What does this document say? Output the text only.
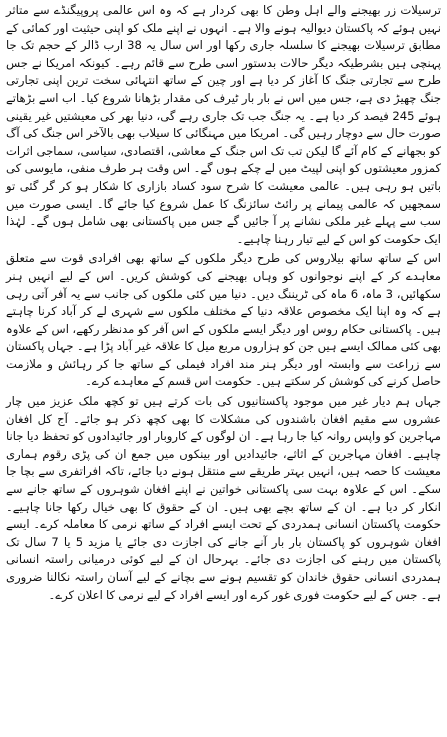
ترسیلات زر بھیجنے والے اہل وطن کا بھی کردار ہے کہ وہ اس عالمی پروپیگنڈے سے متاثر نہیں ہوئے کہ پاکستان دیوالیہ ہونے والا ہے۔ انہوں نے اپنے ملک کو اپنی حیثیت اور کمائی کے مطابق ترسیلات بھیجنے کا سلسلہ جاری رکھا اور اس سال یہ 38 ارب ڈالر کے حجم تک جا پہنچی ہیں بشرطیکہ دیگر حالات بدستور اسی طرح سے قائم رہے۔ کیونکہ امریکا نے جس طرح سے تجارتی جنگ کا آغاز کر دیا ہے اور چین کے ساتھ انتہائی سخت ترین اپنی تجارتی جنگ چھیڑ دی ہے، جس میں اس نے بار بار ٹیرف کی مقدار بڑھانا شروع کیا۔ اب اسے بڑھاتے ہوئے 245 فیصد کر دیا ہے۔ یہ جنگ جب تک جاری رہے گی، دنیا بھر کی معیشتیں غیر یقینی صورت حال سے دوچار رہیں گی۔ امریکا میں مہنگائی کا سیلاب بھی بالآخر اس جنگ کی آگ کو بجھانے کے کام آئے گا لیکن تب تک اس جنگ کے معاشی، اقتصادی، سیاسی، سماجی اثرات کمزور معیشتوں کو اپنی لپیٹ میں لے چکے ہوں گے۔ اس وقت ہر طرف منفی، مایوسی کی باتیں ہو رہی ہیں۔ عالمی معیشت کا شرح سود کساد بازاری کا شکار ہو کر گر گئی تو سمجھیں کہ عالمی پیمانے پر رائٹ سائزنگ کا عمل شروع کیا جائے گا۔ ایسی صورت میں سب سے پہلے غیر ملکی نشانے پر آ جائیں گے جس میں پاکستانی بھی شامل ہوں گے۔ لہٰذا ایک حکومت کو اس کے لیے تیار رہنا چاہیے۔

اس کے ساتھ ساتھ بیلاروس کی طرح دیگر ملکوں کے ساتھ بھی افرادی قوت سے متعلق معاہدے کر کے اپنے نوجوانوں کو وہاں بھیجنے کی کوشش کریں۔ اس کے لیے انہیں ہنر سکھائیں، 3 ماہ، 6 ماہ کی ٹریننگ دیں۔ دنیا میں کئی ملکوں کی جانب سے یہ آفر آتی رہی ہے کہ وہ اپنا ایک مخصوص علاقہ دنیا کے مختلف ملکوں سے شہری لے کر آباد کرنا چاہتے ہیں۔ پاکستانی حکام روس اور دیگر ایسے ملکوں کے اس آفر کو مدنظر رکھے، اس کے علاوہ بھی کئی ممالک ایسے ہیں جن کو ہزاروں مربع میل کا علاقہ غیر آباد پڑا ہے۔ جہاں پاکستان سے زراعت سے وابستہ اور دیگر ہنر مند افراد فیملی کے ساتھ جا کر رہائش و ملازمت حاصل کرنے کی کوشش کر سکتے ہیں۔ حکومت اس قسم کے معاہدے کرے۔

جہاں ہم دیار غیر میں موجود پاکستانیوں کی بات کرتے ہیں تو کچھ ملک عزیز میں چار عشروں سے مقیم افغان باشندوں کی مشکلات کا بھی کچھ ذکر ہو جائے۔ آج کل افغان مہاجرین کو واپس روانہ کیا جا رہا ہے۔ ان لوگوں کے کاروبار اور جائیدادوں کو تحفظ دیا جانا چاہیے۔ افغان مہاجرین کے اثاثے، جائیدادیں اور بینکوں میں جمع ان کی پڑی رقوم ہماری معیشت کا حصہ ہیں، انہیں بہتر طریقے سے منتقل ہونے دیا جائے، تاکہ افراتفری سے بچا جا سکے۔ اس کے علاوہ بہت سی پاکستانی خواتین نے اپنے افغان شوہروں کے ساتھ جانے سے انکار کر دیا ہے۔ ان کے ساتھ بچے بھی ہیں۔ ان کے حقوق کا بھی خیال رکھا جانا چاہیے۔ حکومت پاکستان انسانی ہمدردی کے تحت ایسے افراد کے ساتھ نرمی کا معاملہ کرے۔ ایسے افغان شوہروں کو پاکستان بار بار آنے جانے کی اجازت دی جائے یا مزید 5 یا 7 سال تک پاکستان میں رہنے کی اجازت دی جائے۔ بہرحال ان کے لیے کوئی درمیانی راستہ انسانی ہمدردی انسانی حقوق خاندان کو تقسیم ہونے سے بچانے کے لیے آسان راستہ نکالنا ضروری ہے۔ جس کے لیے حکومت فوری غور کرے اور ایسے افراد کے لیے نرمی کا اعلان کرے۔
